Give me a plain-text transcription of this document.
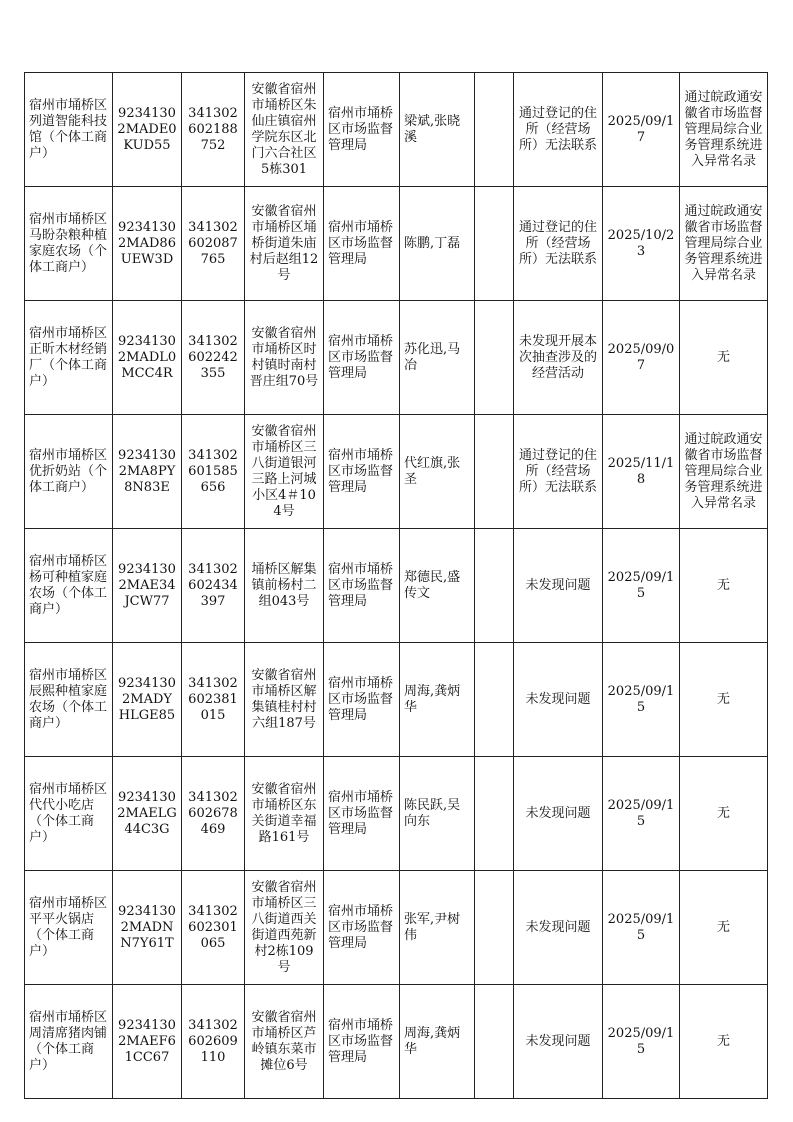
宿州市埇桥区列道智能科技馆（个体工商户）	92341302MADE0KUD55	341302602188752	安徽省宿州市埇桥区朱仙庄镇宿州学院东区北门六合社区5栋301	宿州市埇桥区市场监督管理局	梁斌,张晓溪		通过登记的住所（经营场所）无法联系	2025/09/17	通过皖政通安徽省市场监督管理局综合业务管理系统进入异常名录
宿州市埇桥区马盼杂粮种植家庭农场（个体工商户）	92341302MAD86UEW3D	341302602087765	安徽省宿州市埇桥区埇桥街道朱庙村后赵组12号	宿州市埇桥区市场监督管理局	陈鹏,丁磊		通过登记的住所（经营场所）无法联系	2025/10/23	通过皖政通安徽省市场监督管理局综合业务管理系统进入异常名录
宿州市埇桥区正昕木材经销厂（个体工商户）	92341302MADL0MCC4R	341302602242355	安徽省宿州市埇桥区时村镇时南村晋庄组70号	宿州市埇桥区市场监督管理局	苏化迅,马冶		未发现开展本次抽查涉及的经营活动	2025/09/07	无
宿州市埇桥区优折奶站（个体工商户）	92341302MA8PY8N83E	341302601585656	安徽省宿州市埇桥区三八街道银河三路上河城小区4＃104号	宿州市埇桥区市场监督管理局	代红旗,张圣		通过登记的住所（经营场所）无法联系	2025/11/18	通过皖政通安徽省市场监督管理局综合业务管理系统进入异常名录
宿州市埇桥区杨可种植家庭农场（个体工商户）	92341302MAE34JCW77	341302602434397	埇桥区解集镇前杨村二组043号	宿州市埇桥区市场监督管理局	郑德民,盛传文		未发现问题	2025/09/15	无
宿州市埇桥区辰熙种植家庭农场（个体工商户）	92341302MADYHLGE85	341302602381015	安徽省宿州市埇桥区解集镇桂村村六组187号	宿州市埇桥区市场监督管理局	周海,龚炳华		未发现问题	2025/09/15	无
宿州市埇桥区代代小吃店（个体工商户）	92341302MAELG44C3G	341302602678469	安徽省宿州市埇桥区东关街道幸福路161号	宿州市埇桥区市场监督管理局	陈民跃,吴向东		未发现问题	2025/09/15	无
宿州市埇桥区平平火锅店（个体工商户）	92341302MADNN7Y61T	341302602301065	安徽省宿州市埇桥区三八街道西关街道西苑新村2栋109号	宿州市埇桥区市场监督管理局	张军,尹树伟		未发现问题	2025/09/15	无
宿州市埇桥区周清席猪肉铺（个体工商户）	92341302MAEF61CC67	341302602609110	安徽省宿州市埇桥区芦岭镇东菜市摊位6号	宿州市埇桥区市场监督管理局	周海,龚炳华		未发现问题	2025/09/15	无
